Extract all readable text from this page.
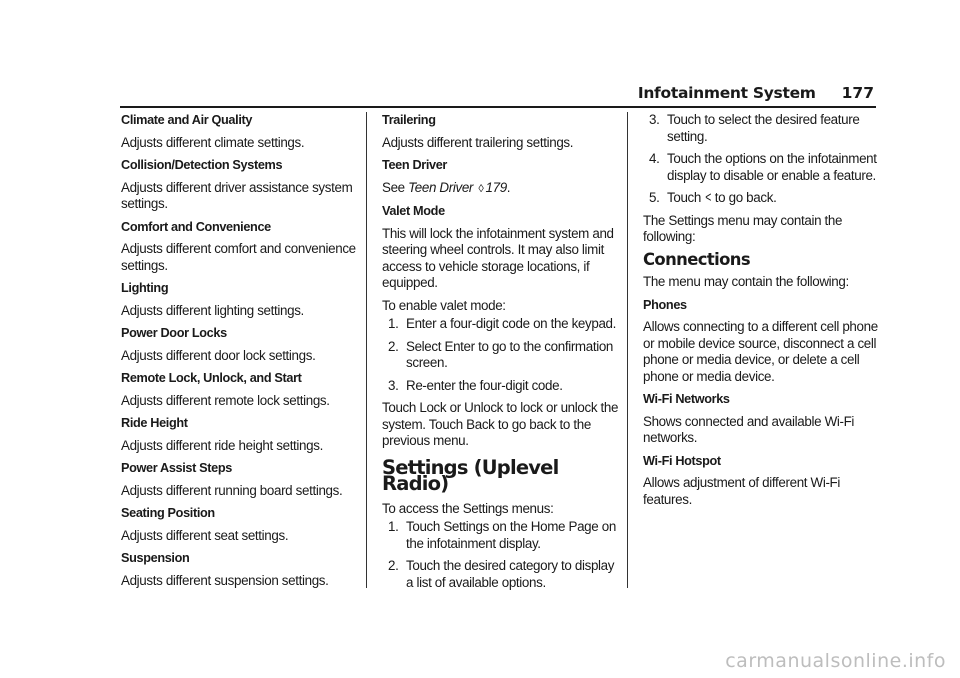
Infotainment System 177
Climate and Air Quality
Adjusts different climate settings.
Collision/Detection Systems
Adjusts different driver assistance system settings.
Comfort and Convenience
Adjusts different comfort and convenience settings.
Lighting
Adjusts different lighting settings.
Power Door Locks
Adjusts different door lock settings.
Remote Lock, Unlock, and Start
Adjusts different remote lock settings.
Ride Height
Adjusts different ride height settings.
Power Assist Steps
Adjusts different running board settings.
Seating Position
Adjusts different seat settings.
Suspension
Adjusts different suspension settings.
Trailering
Adjusts different trailering settings.
Teen Driver
See Teen Driver ◊ 179.
Valet Mode
This will lock the infotainment system and steering wheel controls. It may also limit access to vehicle storage locations, if equipped.
To enable valet mode:
1. Enter a four-digit code on the keypad.
2. Select Enter to go to the confirmation screen.
3. Re-enter the four-digit code.
Touch Lock or Unlock to lock or unlock the system. Touch Back to go back to the previous menu.
Settings (Uplevel Radio)
To access the Settings menus:
1. Touch Settings on the Home Page on the infotainment display.
2. Touch the desired category to display a list of available options.
3. Touch to select the desired feature setting.
4. Touch the options on the infotainment display to disable or enable a feature.
5. Touch < to go back.
The Settings menu may contain the following:
Connections
The menu may contain the following:
Phones
Allows connecting to a different cell phone or mobile device source, disconnect a cell phone or media device, or delete a cell phone or media device.
Wi-Fi Networks
Shows connected and available Wi-Fi networks.
Wi-Fi Hotspot
Allows adjustment of different Wi-Fi features.
carmanualsonline.info
